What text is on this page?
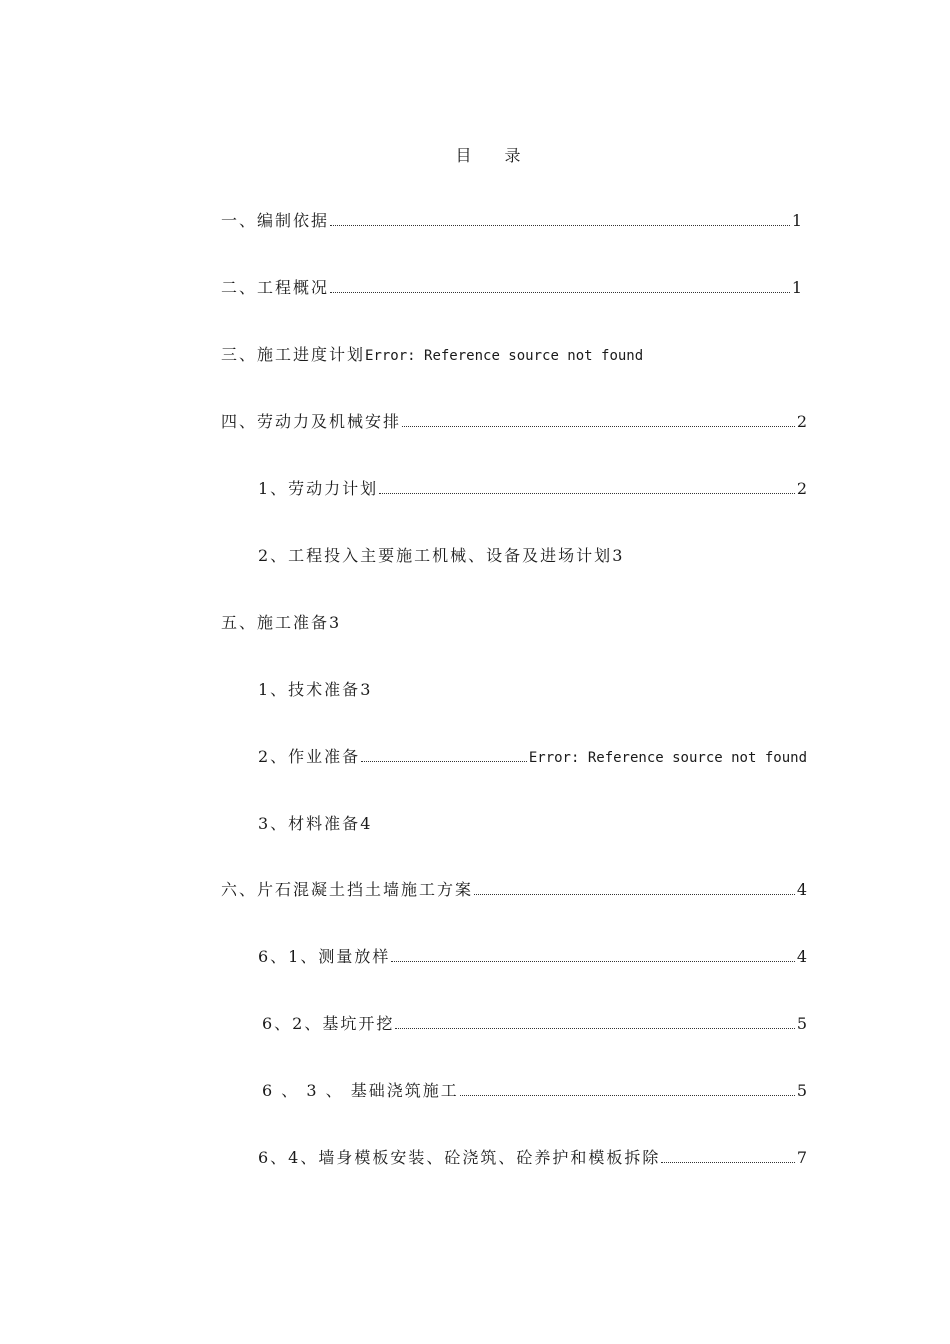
目 录
一、编制依据	1
二、工程概况	1
三、施工进度计划 Error: Reference source not found
四、劳动力及机械安排	2
1、劳动力计划	2
2、工程投入主要施工机械、设备及进场计划 3
五、施工准备 3
1、技术准备 3
2、作业准备	Error: Reference source not found
3、材料准备 4
六、片石混凝土挡土墙施工方案	4
6、1、测量放样	4
6、2、基坑开挖	5
6 、 3 、 基础浇筑施工	5
6、4、墙身模板安装、砼浇筑、砼养护和模板拆除	7
